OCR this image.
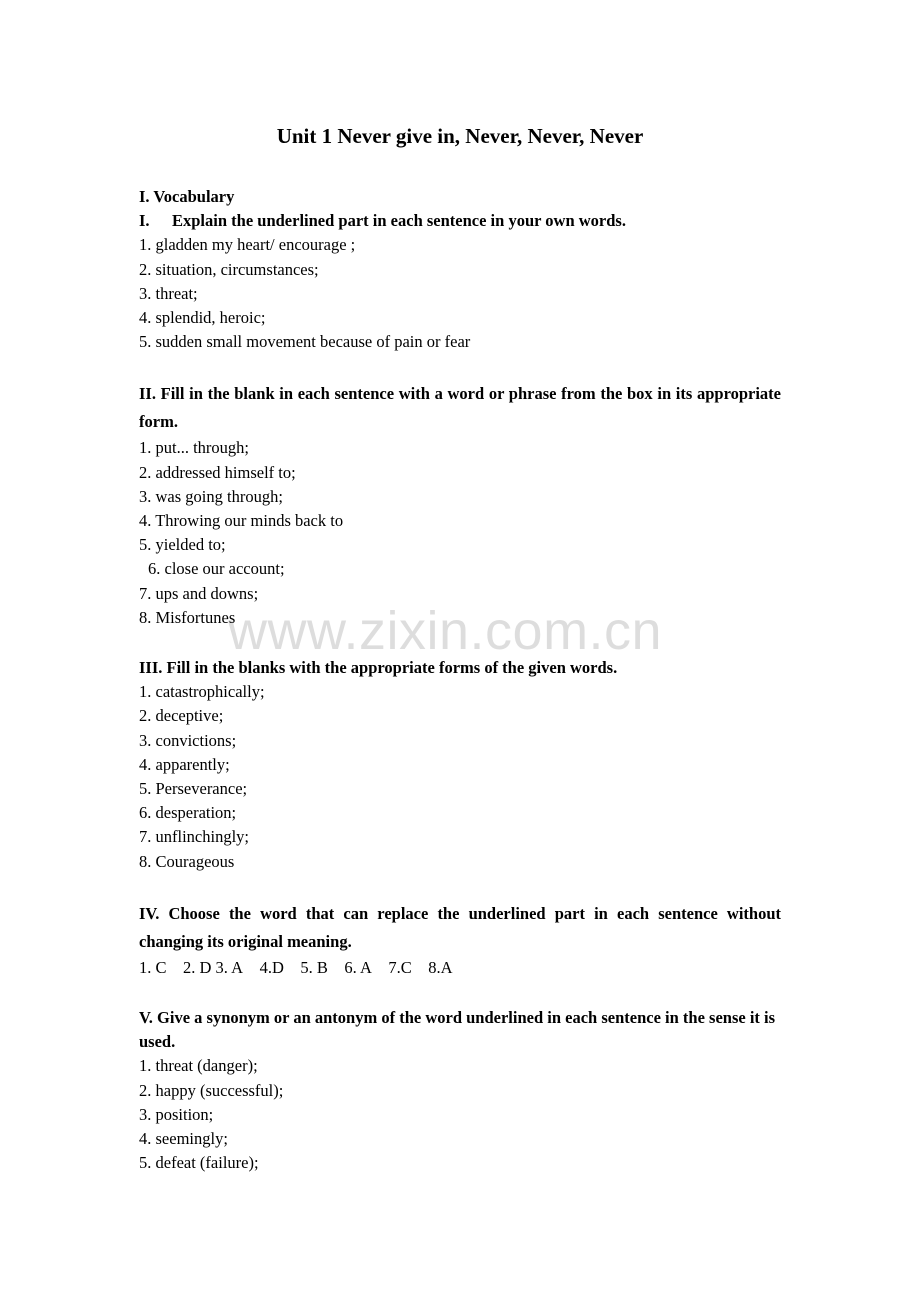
Unit 1 Never give in, Never, Never, Never
I. Vocabulary
I. Explain the underlined part in each sentence in your own words.
1. gladden my heart/ encourage ;
2. situation, circumstances;
3. threat;
4. splendid, heroic;
5. sudden small movement because of pain or fear
II. Fill in the blank in each sentence with a word or phrase from the box in its appropriate form.
1. put... through;
2. addressed himself to;
3. was going through;
4. Throwing our minds back to
5. yielded to;
6. close our account;
7. ups and downs;
8. Misfortunes
III. Fill in the blanks with the appropriate forms of the given words.
1. catastrophically;
2. deceptive;
3. convictions;
4. apparently;
5. Perseverance;
6. desperation;
7. unflinchingly;
8. Courageous
IV. Choose the word that can replace the underlined part in each sentence without changing its original meaning.
1. C 2. D 3. A 4.D 5. B 6. A 7.C 8.A
V. Give a synonym or an antonym of the word underlined in each sentence in the sense it is used.
1. threat (danger);
2. happy (successful);
3. position;
4. seemingly;
5. defeat (failure);
www.zixin.com.cn
